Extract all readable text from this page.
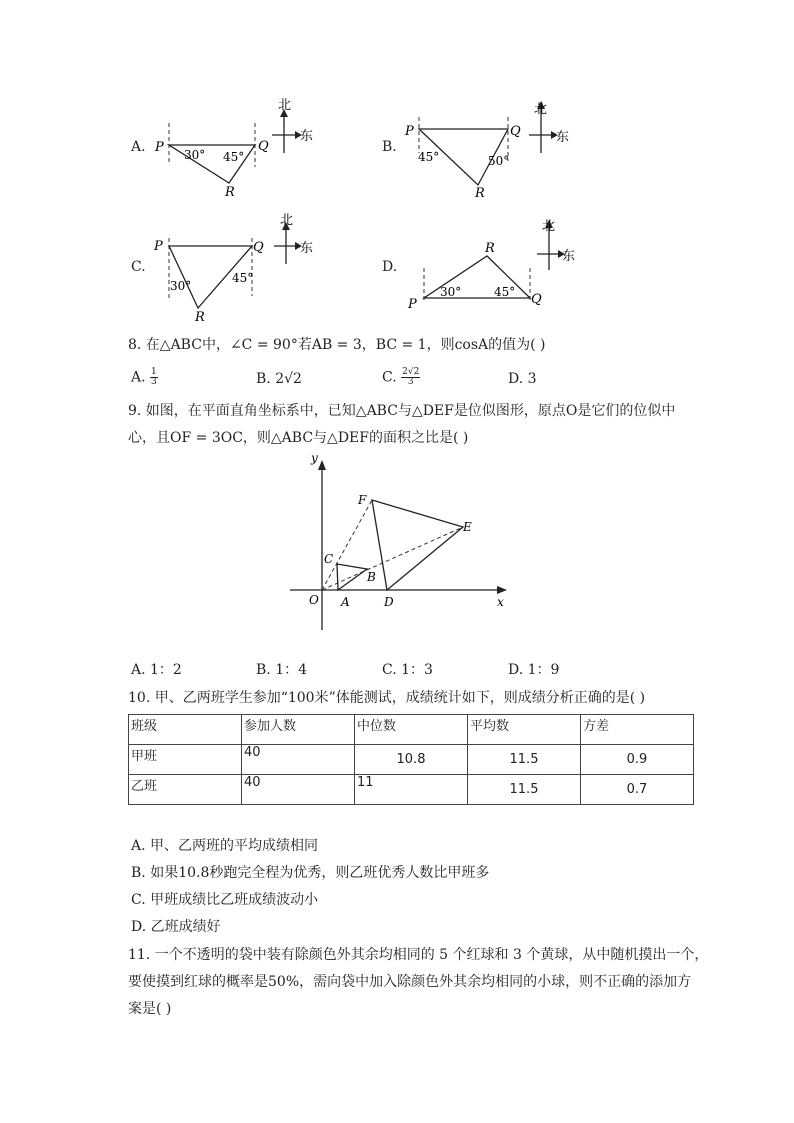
A. P	Q
R
30° 45°
北
东
B.
P	Q
R
45°	50°
北
东
C.
P	Q
R
30°
45°
北
东
D.
P	Q
R
30°	45°
北
东
8. 在△ABC中，∠C = 90°若AB = 3，BC = 1，则cosA的值为( )
A. $\frac{1}{3}$	B. 2√2	C. $\frac{2√2}{3}$	D. 3
9. 如图，在平面直角坐标系中，已知△ABC与△DEF是位似图形，原点O是它们的位似中
心，且OF = 3OC，则△ABC与△DEF的面积之比是( )
y
x
O A
B
C
D
E
F
A. 1：2	B. 1：4	C. 1：3	D. 1：9
10. 甲、乙两班学生参加“100米”体能测试，成绩统计如下，则成绩分析正确的是( )
班级	参加人数	中位数	平均数	方差
甲班	40	10.8	11.5	0.9
乙班	40	11	11.5	0.7
A. 甲、乙两班的平均成绩相同
B. 如果10.8秒跑完全程为优秀，则乙班优秀人数比甲班多
C. 甲班成绩比乙班成绩波动小
D. 乙班成绩好
11. 一个不透明的袋中装有除颜色外其余均相同的 5 个红球和 3 个黄球，从中随机摸出一个，
要使摸到红球的概率是50%，需向袋中加入除颜色外其余均相同的小球，则不正确的添加方
案是( )
